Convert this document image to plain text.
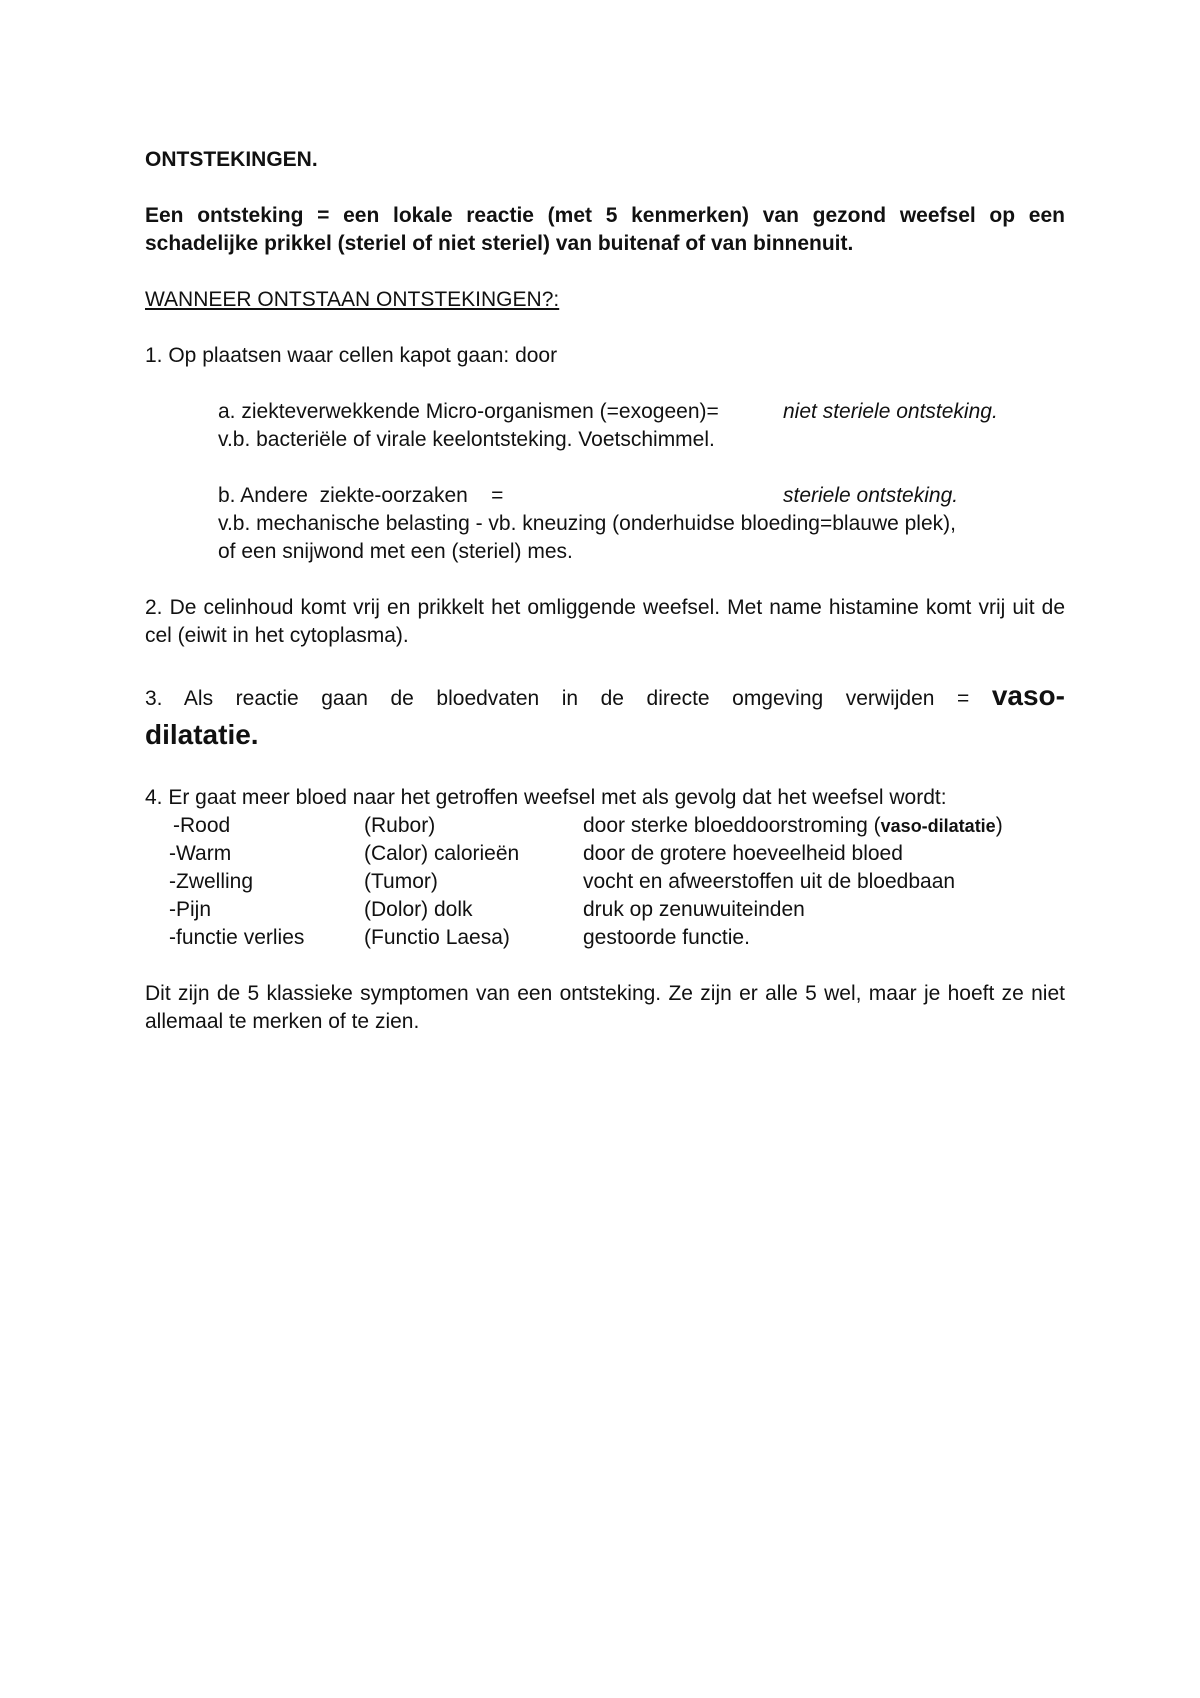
ONTSTEKINGEN.

Een ontsteking = een lokale reactie (met 5 kenmerken) van gezond weefsel op een schadelijke prikkel (steriel of niet steriel) van buitenaf of van binnenuit.

WANNEER ONTSTAAN ONTSTEKINGEN?:

1. Op plaatsen waar cellen kapot gaan: door

a. ziekteverwekkende Micro-organismen (=exogeen)=	niet steriele ontsteking.
v.b. bacteriële of virale keelontsteking. Voetschimmel.
b. Andere  ziekte-oorzaken    =	steriele ontsteking.
v.b. mechanische belasting - vb. kneuzing (onderhuidse bloeding=blauwe plek),
of een snijwond met een (steriel) mes.

2. De celinhoud komt vrij en prikkelt het omliggende weefsel. Met name histamine komt vrij uit de cel (eiwit in het cytoplasma).

3. Als reactie gaan de bloedvaten in de directe omgeving verwijden = vaso-

dilatatie.

4. Er gaat meer bloed naar het getroffen weefsel met als gevolg dat het weefsel wordt:

-Rood	(Rubor)	door sterke bloeddoorstroming (vaso-dilatatie)
-Warm	(Calor) calorieën	door de grotere hoeveelheid bloed
-Zwelling	(Tumor)	vocht en afweerstoffen uit de bloedbaan
-Pijn	(Dolor) dolk	druk op zenuwuiteinden
-functie verlies	(Functio Laesa)	gestoorde functie.

Dit zijn de 5 klassieke symptomen van een ontsteking. Ze zijn er alle 5 wel, maar je hoeft ze niet allemaal te merken of te zien.
